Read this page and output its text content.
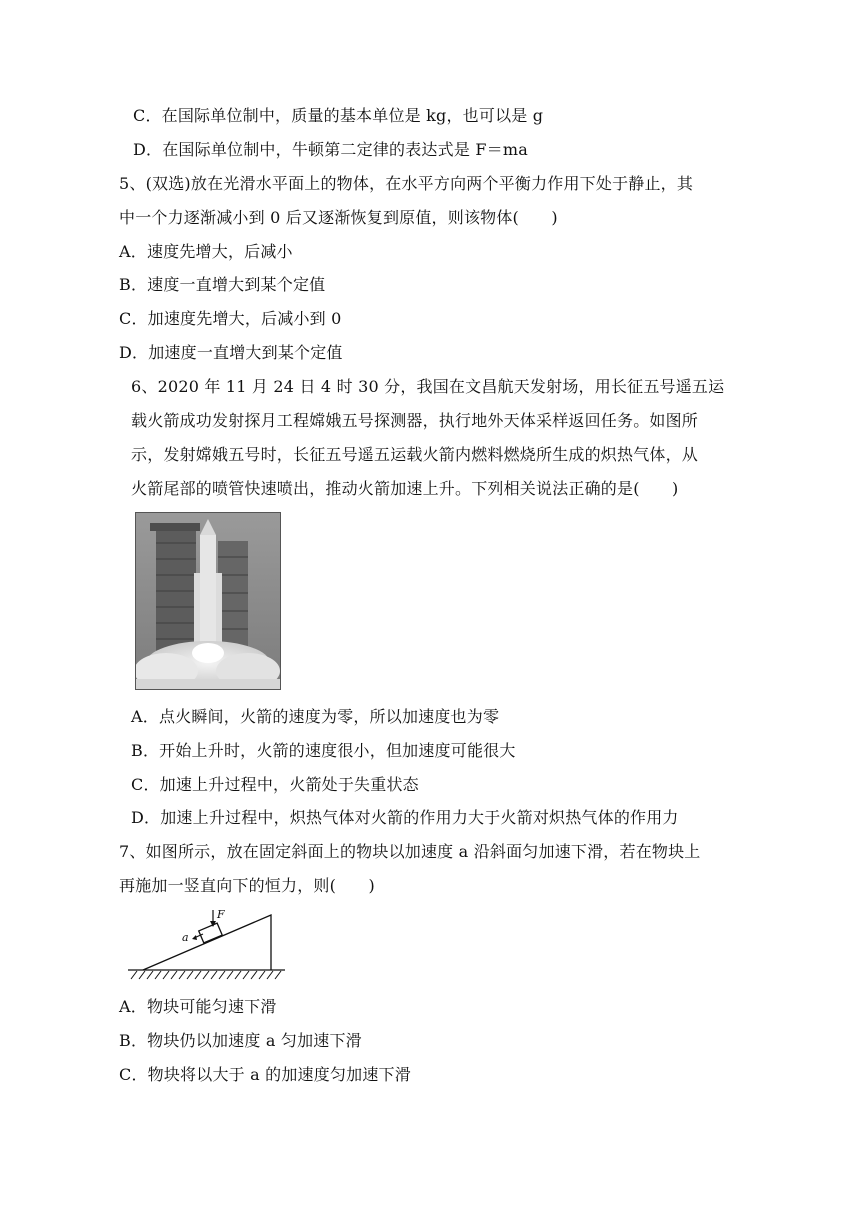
C．在国际单位制中，质量的基本单位是 kg，也可以是 g
D．在国际单位制中，牛顿第二定律的表达式是 F＝ma
5、(双选)放在光滑水平面上的物体，在水平方向两个平衡力作用下处于静止，其
中一个力逐渐减小到 0 后又逐渐恢复到原值，则该物体(　　)
A．速度先增大，后减小
B．速度一直增大到某个定值
C．加速度先增大，后减小到 0
D．加速度一直增大到某个定值
6、2020 年 11 月 24 日 4 时 30 分，我国在文昌航天发射场，用长征五号遥五运
载火箭成功发射探月工程嫦娥五号探测器，执行地外天体采样返回任务。如图所
示，发射嫦娥五号时，长征五号遥五运载火箭内燃料燃烧所生成的炽热气体，从
火箭尾部的喷管快速喷出，推动火箭加速上升。下列相关说法正确的是(　　)
A．点火瞬间，火箭的速度为零，所以加速度也为零
B．开始上升时，火箭的速度很小，但加速度可能很大
C．加速上升过程中，火箭处于失重状态
D．加速上升过程中，炽热气体对火箭的作用力大于火箭对炽热气体的作用力
7、如图所示，放在固定斜面上的物块以加速度 a 沿斜面匀加速下滑，若在物块上
再施加一竖直向下的恒力，则(　　)
F
a
A．物块可能匀速下滑
B．物块仍以加速度 a 匀加速下滑
C．物块将以大于 a 的加速度匀加速下滑
